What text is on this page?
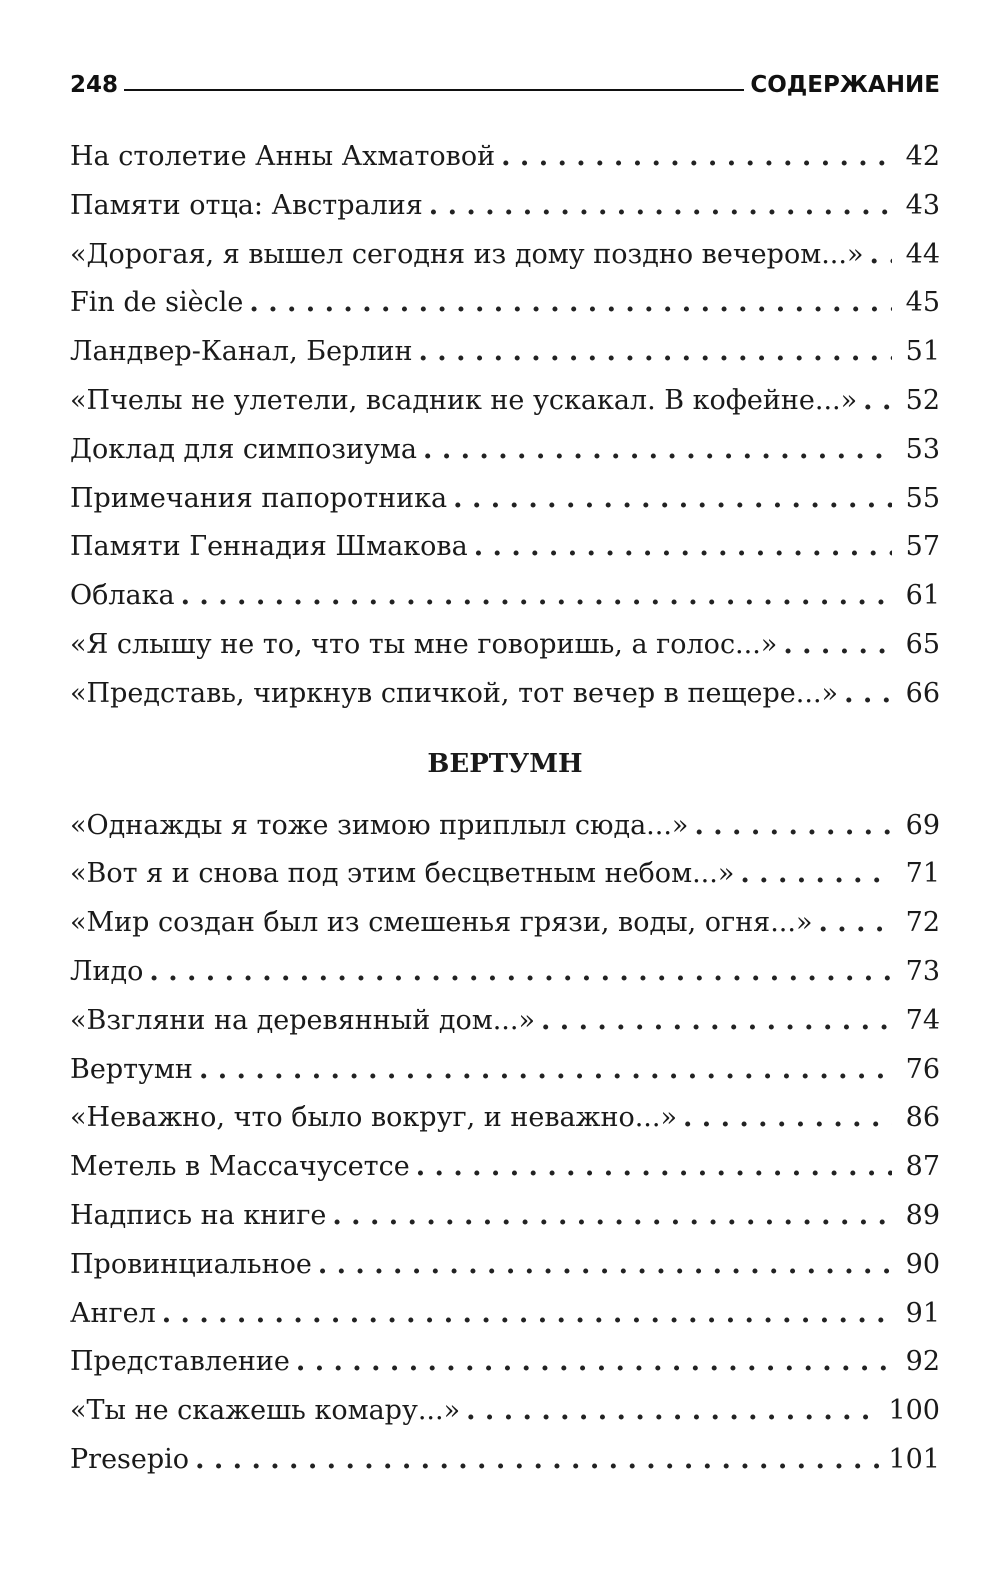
248	СОДЕРЖАНИЕ
На столетие Анны Ахматовой . . .	42
Памяти отца: Австралия . . .	43
«Дорогая, я вышел сегодня из дому поздно вечером...» . . . 44
Fin de siècle . . .	45
Ландвер-Канал, Берлин . . .	51
«Пчелы не улетели, всадник не ускакал. В кофейне...» . . . 52
Доклад для симпозиума . . .	53
Примечания папоротника . . .	55
Памяти Геннадия Шмакова . . .	57
Облака . . .	61
«Я слышу не то, что ты мне говоришь, а голос...» . . .	65
«Представь, чиркнув спичкой, тот вечер в пещере...» . . .	66
ВЕРТУМН
«Однажды я тоже зимою приплыл сюда...» . . .	69
«Вот я и снова под этим бесцветным небом...» . . .	71
«Мир создан был из смешенья грязи, воды, огня...» . . .	72
Лидо . . .	73
«Взгляни на деревянный дом...» . . .	74
Вертумн . . .	76
«Неважно, что было вокруг, и неважно...» . . .	86
Метель в Массачусетсе . . .	87
Надпись на книге . . .	89
Провинциальное . . .	90
Ангел . . .	91
Представление . . .	92
«Ты не скажешь комару...» . . .	100
Presepio . . .	101
